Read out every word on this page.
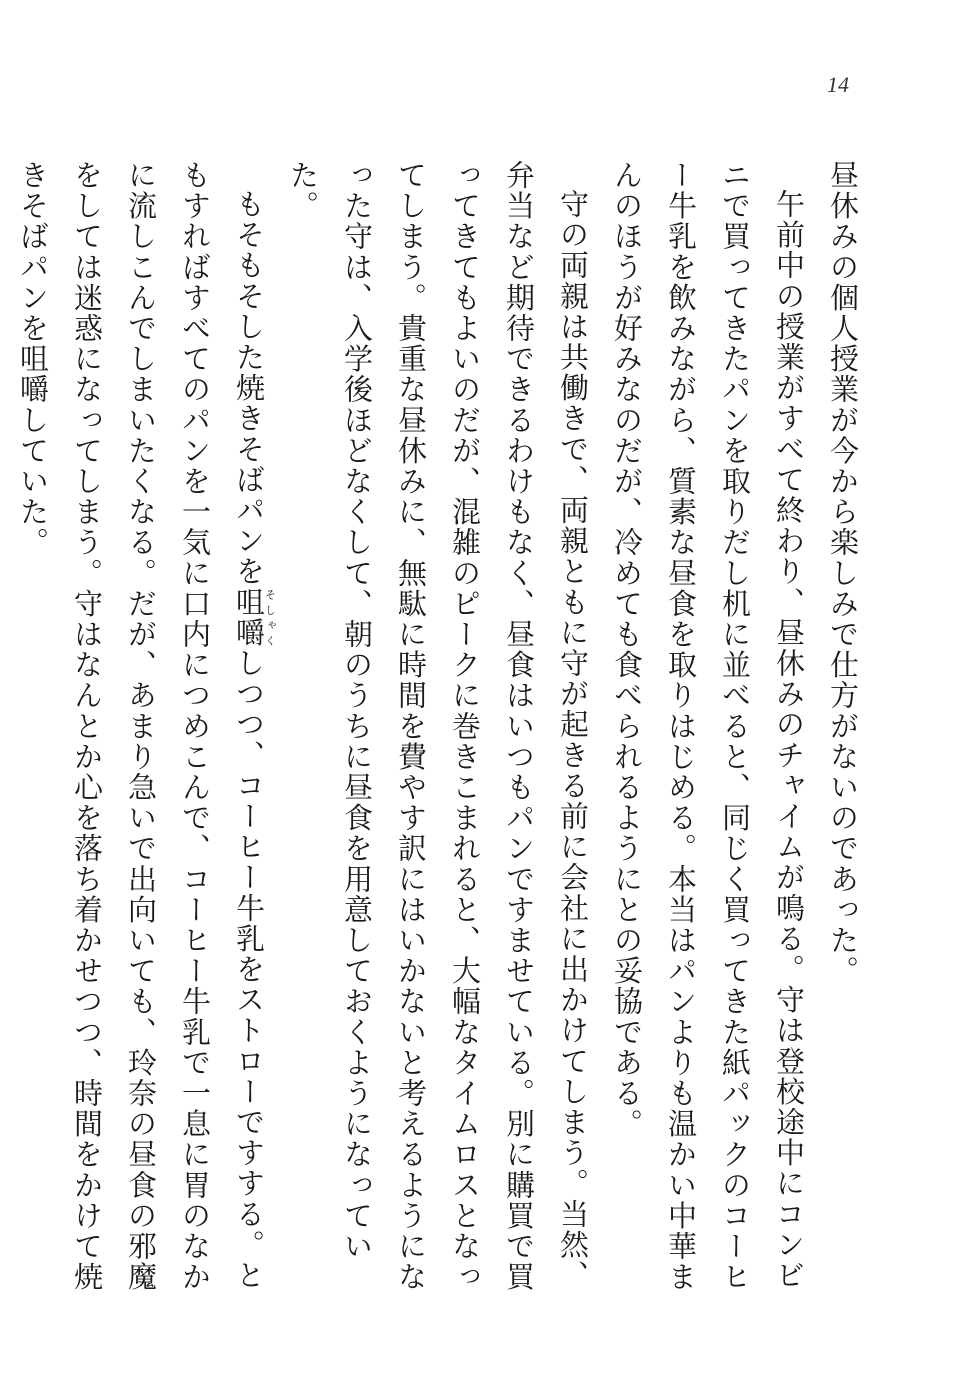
14

昼休みの個人授業が今から楽しみで仕方がないのであった。

午前中の授業がすべて終わり、昼休みのチャイムが鳴る。守は登校途中にコンビニで買ってきたパンを取りだし机に並べると、同じく買ってきた紙パックのコーヒー牛乳を飲みながら、質素な昼食を取りはじめる。本当はパンよりも温かい中華まんのほうが好みなのだが、冷めても食べられるようにとの妥協である。

守の両親は共働きで、両親ともに守が起きる前に会社に出かけてしまう。当然、弁当など期待できるわけもなく、昼食はいつもパンですませている。別に購買で買ってきてもよいのだが、混雑のピークに巻きこまれると、大幅なタイムロスとなってしまう。貴重な昼休みに、無駄に時間を費やす訳にはいかないと考えるようになった守は、入学後ほどなくして、朝のうちに昼食を用意しておくようになっていた。

もそもそした焼きそばパンを咀嚼そしゃくしつつ、コーヒー牛乳をストローですする。ともすればすべてのパンを一気に口内につめこんで、コーヒー牛乳で一息に胃のなかに流しこんでしまいたくなる。だが、あまり急いで出向いても、玲奈の昼食の邪魔をしては迷惑になってしまう。守はなんとか心を落ち着かせつつ、時間をかけて焼きそばパンを咀嚼していた。
